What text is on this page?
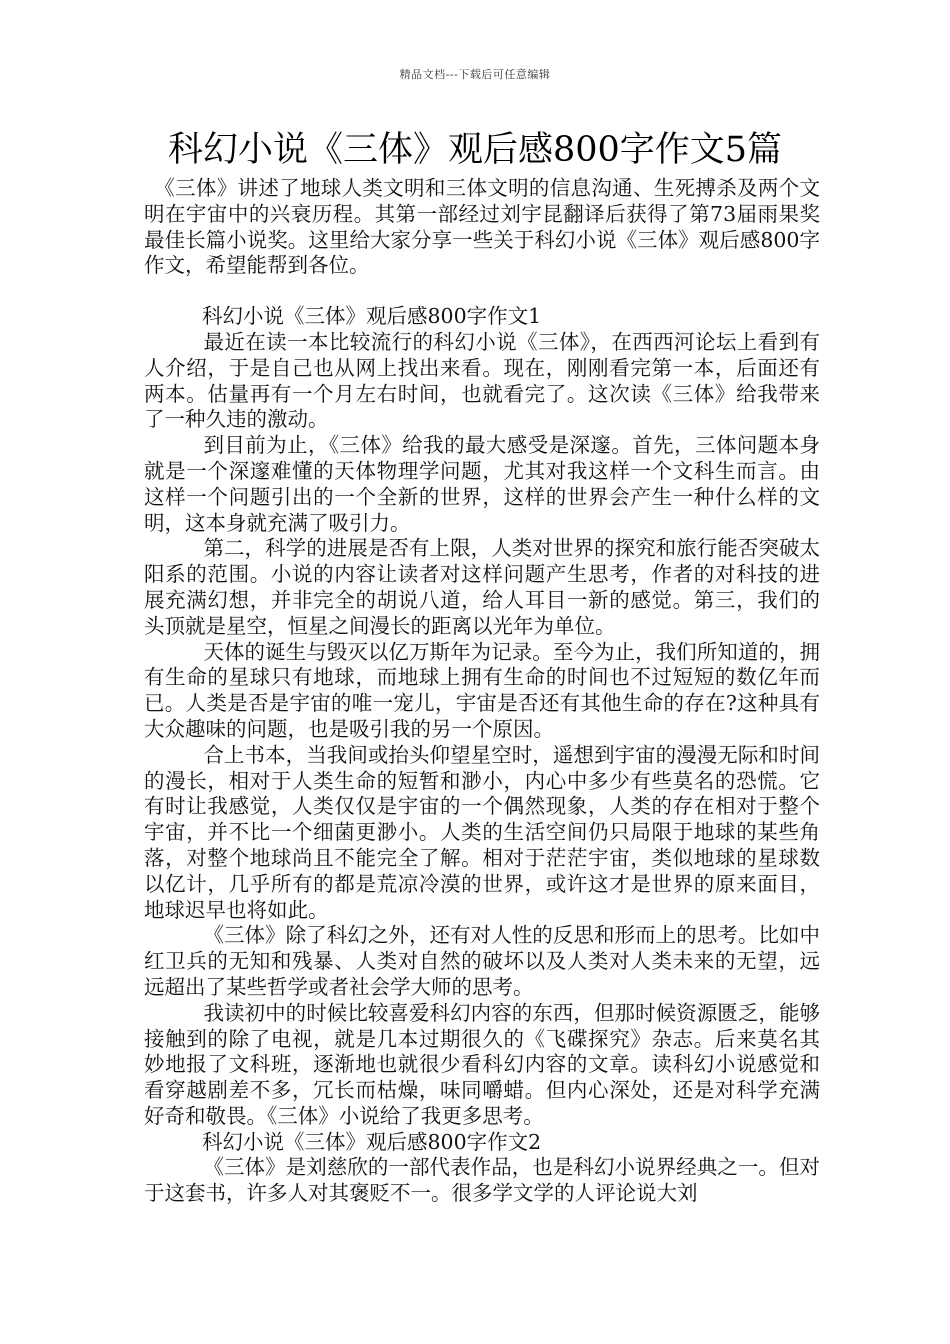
精品文档---下载后可任意编辑
科幻小说《三体》观后感800字作文5篇

《三体》讲述了地球人类文明和三体文明的信息沟通、生死搏杀及两个文明在宇宙中的兴衰历程。其第一部经过刘宇昆翻译后获得了第73届雨果奖最佳长篇小说奖。这里给大家分享一些关于科幻小说《三体》观后感800字作文，希望能帮到各位。

科幻小说《三体》观后感800字作文1

最近在读一本比较流行的科幻小说《三体》，在西西河论坛上看到有人介绍，于是自己也从网上找出来看。现在，刚刚看完第一本，后面还有两本。估量再有一个月左右时间，也就看完了。这次读《三体》给我带来了一种久违的激动。

到目前为止，《三体》给我的最大感受是深邃。首先，三体问题本身就是一个深邃难懂的天体物理学问题，尤其对我这样一个文科生而言。由这样一个问题引出的一个全新的世界，这样的世界会产生一种什么样的文明，这本身就充满了吸引力。

第二，科学的进展是否有上限，人类对世界的探究和旅行能否突破太阳系的范围。小说的内容让读者对这样问题产生思考，作者的对科技的进展充满幻想，并非完全的胡说八道，给人耳目一新的感觉。第三，我们的头顶就是星空，恒星之间漫长的距离以光年为单位。

天体的诞生与毁灭以亿万斯年为记录。至今为止，我们所知道的，拥有生命的星球只有地球，而地球上拥有生命的时间也不过短短的数亿年而已。人类是否是宇宙的唯一宠儿，宇宙是否还有其他生命的存在?这种具有大众趣味的问题，也是吸引我的另一个原因。

合上书本，当我间或抬头仰望星空时，遥想到宇宙的漫漫无际和时间的漫长，相对于人类生命的短暂和渺小，内心中多少有些莫名的恐慌。它有时让我感觉，人类仅仅是宇宙的一个偶然现象，人类的存在相对于整个宇宙，并不比一个细菌更渺小。人类的生活空间仍只局限于地球的某些角落，对整个地球尚且不能完全了解。相对于茫茫宇宙，类似地球的星球数以亿计，几乎所有的都是荒凉冷漠的世界，或许这才是世界的原来面目，地球迟早也将如此。

《三体》除了科幻之外，还有对人性的反思和形而上的思考。比如中红卫兵的无知和残暴、人类对自然的破坏以及人类对人类未来的无望，远远超出了某些哲学或者社会学大师的思考。

我读初中的时候比较喜爱科幻内容的东西，但那时候资源匮乏，能够接触到的除了电视，就是几本过期很久的《飞碟探究》杂志。后来莫名其妙地报了文科班，逐渐地也就很少看科幻内容的文章。读科幻小说感觉和看穿越剧差不多，冗长而枯燥，味同嚼蜡。但内心深处，还是对科学充满好奇和敬畏。《三体》小说给了我更多思考。

科幻小说《三体》观后感800字作文2

《三体》是刘慈欣的一部代表作品，也是科幻小说界经典之一。但对于这套书，许多人对其褒贬不一。很多学文学的人评论说大刘
